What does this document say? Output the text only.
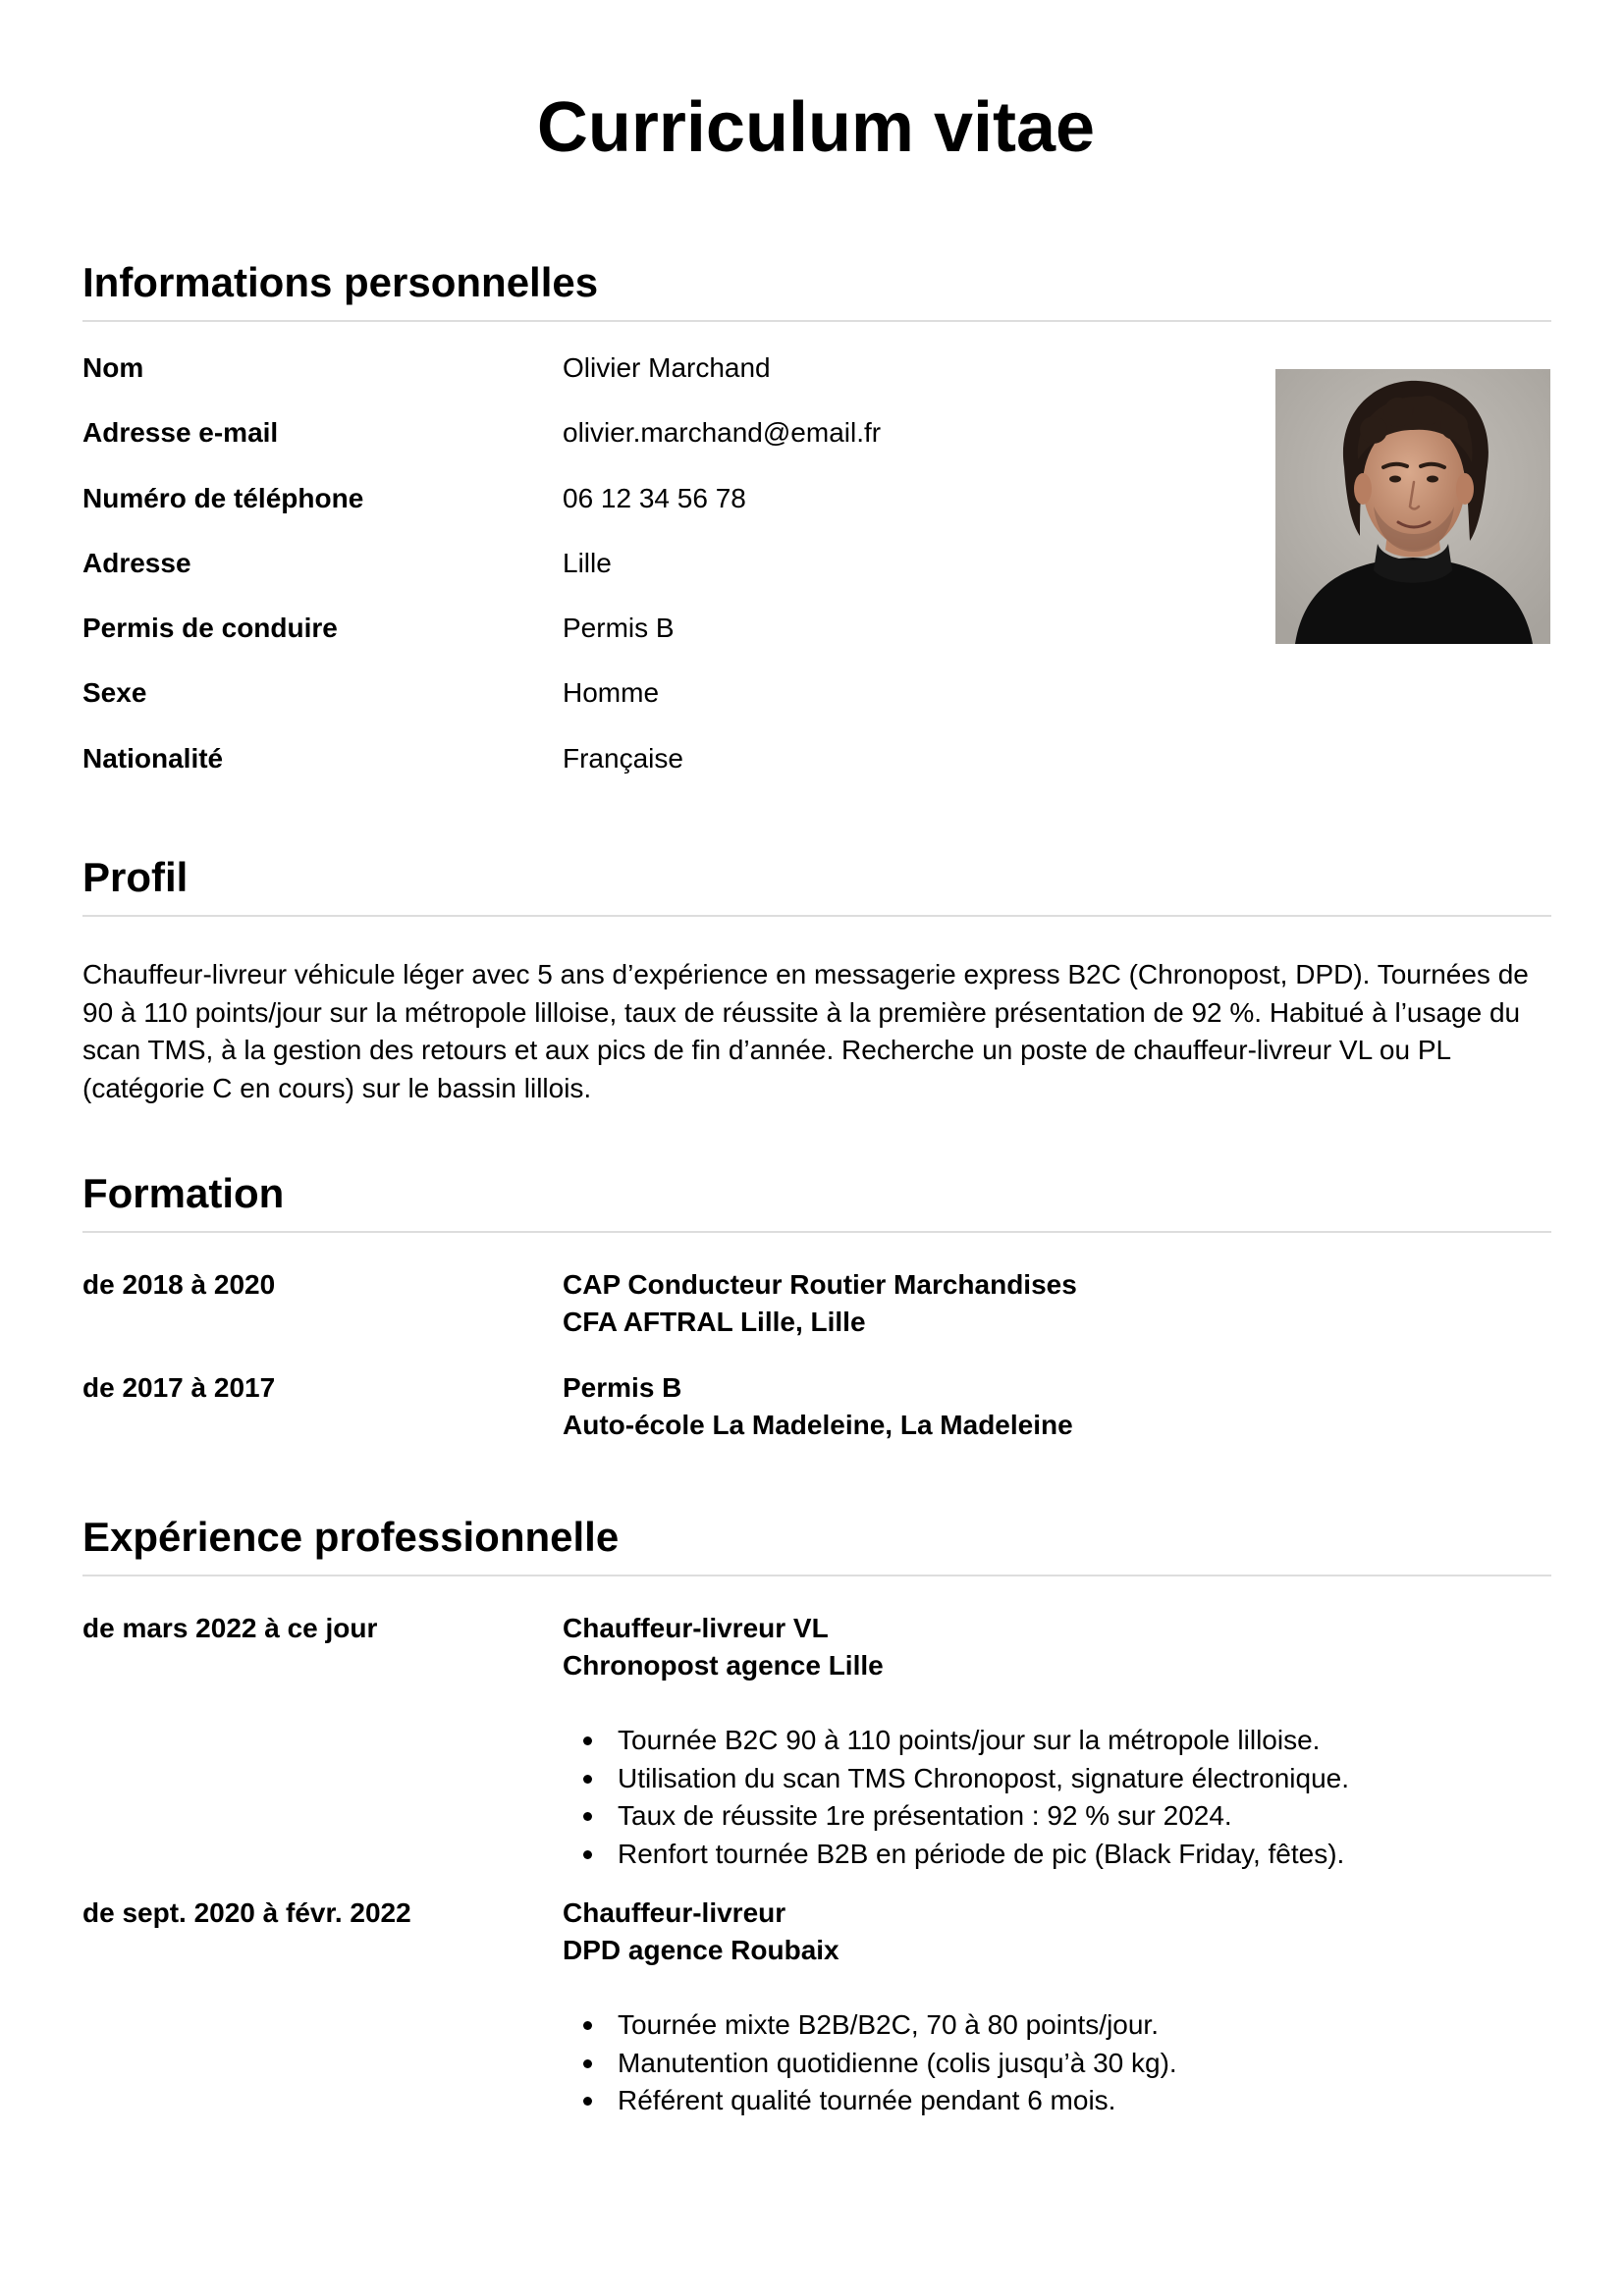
Curriculum vitae
Informations personnelles
Nom	Olivier Marchand
Adresse e-mail	olivier.marchand@email.fr
Numéro de téléphone	06 12 34 56 78
Adresse	Lille
Permis de conduire	Permis B
Sexe	Homme
Nationalité	Française
Profil

Chauffeur-livreur véhicule léger avec 5 ans d’expérience en messagerie express B2C (Chronopost, DPD). Tournées de 90 à 110 points/jour sur la métropole lilloise, taux de réussite à la première présentation de 92 %. Habitué à l’usage du scan TMS, à la gestion des retours et aux pics de fin d’année. Recherche un poste de chauffeur-livreur VL ou PL (catégorie C en cours) sur le bassin lillois.

Formation
de 2018 à 2020	CAP Conducteur Routier Marchandises
CFA AFTRAL Lille, Lille
de 2017 à 2017	Permis B
Auto-école La Madeleine, La Madeleine
Expérience professionnelle
de mars 2022 à ce jour	Chauffeur-livreur VL
Chronopost agence Lille
Tournée B2C 90 à 110 points/jour sur la métropole lilloise.
Utilisation du scan TMS Chronopost, signature électronique.
Taux de réussite 1re présentation : 92 % sur 2024.
Renfort tournée B2B en période de pic (Black Friday, fêtes).
de sept. 2020 à févr. 2022	Chauffeur-livreur
DPD agence Roubaix
Tournée mixte B2B/B2C, 70 à 80 points/jour.
Manutention quotidienne (colis jusqu’à 30 kg).
Référent qualité tournée pendant 6 mois.
